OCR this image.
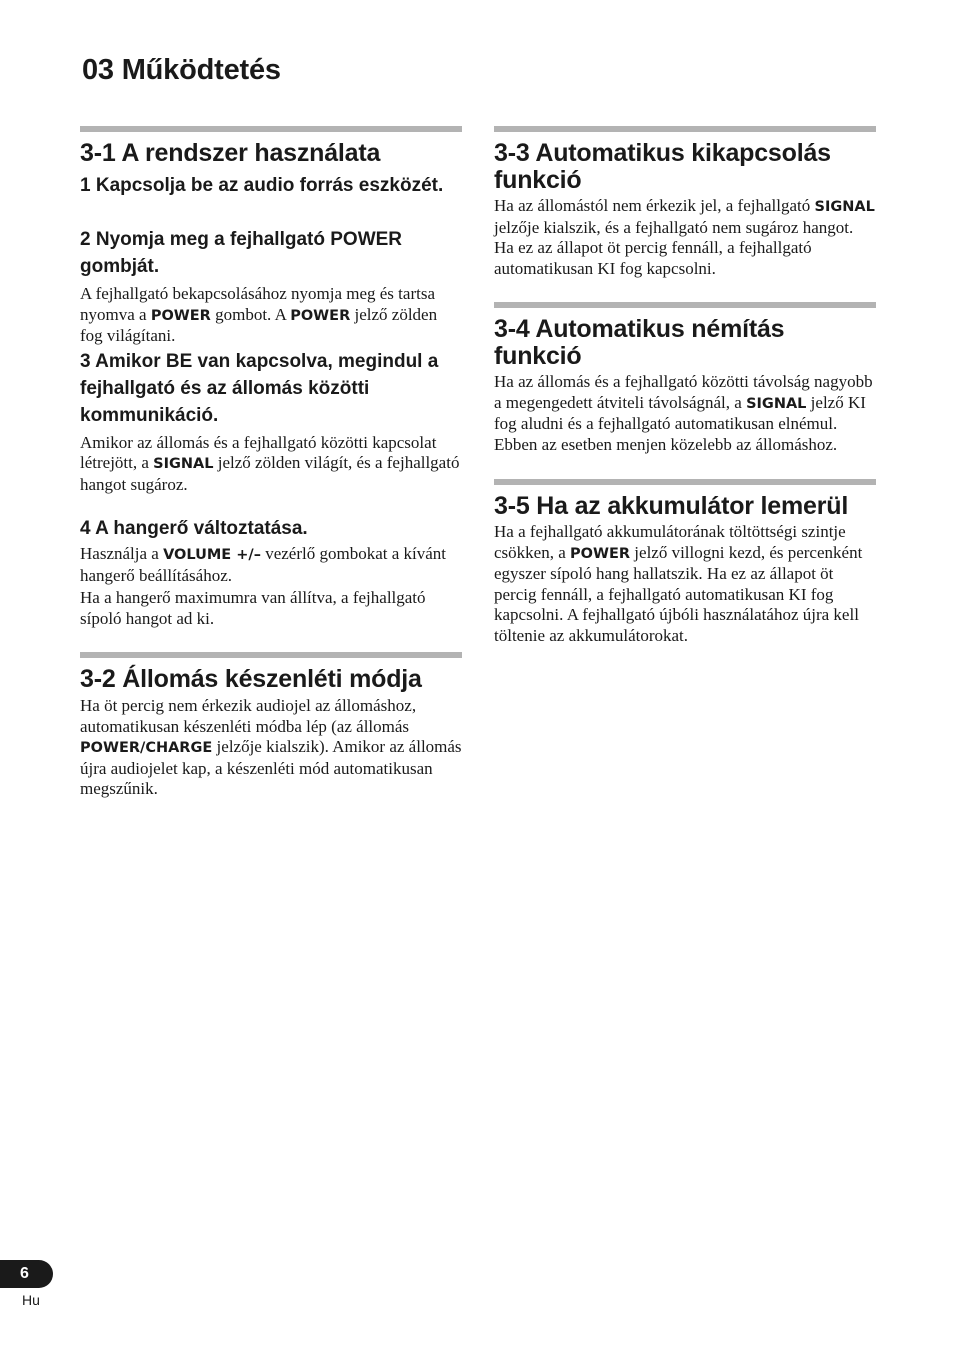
03 Működtetés
3-1 A rendszer használata

1 Kapcsolja be az audio forrás eszközét.

2 Nyomja meg a fejhallgató POWER gombját.

A fejhallgató bekapcsolásához nyomja meg és tartsa nyomva a POWER gombot. A POWER jelző zölden fog világítani.

3 Amikor BE van kapcsolva, megindul a fejhallgató és az állomás közötti kommunikáció.

Amikor az állomás és a fejhallgató közötti kapcsolat létrejött, a SIGNAL jelző zölden világít, és a fejhallgató hangot sugároz.

4 A hangerő változtatása.

Használja a VOLUME +/– vezérlő gombokat a kívánt hangerő beállításához.

Ha a hangerő maximumra van állítva, a fejhallgató sípoló hangot ad ki.

3-2 Állomás készenléti módja

Ha öt percig nem érkezik audiojel az állomáshoz, automatikusan készenléti módba lép (az állomás POWER/CHARGE jelzője kialszik). Amikor az állomás újra audiojelet kap, a készenléti mód automatikusan megszűnik.

3-3 Automatikus kikapcsolás funkció

Ha az állomástól nem érkezik jel, a fejhallgató SIGNAL jelzője kialszik, és a fejhallgató nem sugároz hangot. Ha ez az állapot öt percig fennáll, a fejhallgató automatikusan KI fog kapcsolni.

3-4 Automatikus némítás funkció

Ha az állomás és a fejhallgató közötti távolság nagyobb a megengedett átviteli távolságnál, a SIGNAL jelző KI fog aludni és a fejhallgató automatikusan elnémul. Ebben az esetben menjen közelebb az állomáshoz.

3-5 Ha az akkumulátor lemerül

Ha a fejhallgató akkumulátorának töltöttségi szintje csökken, a POWER jelző villogni kezd, és percenként egyszer sípoló hang hallatszik. Ha ez az állapot öt percig fennáll, a fejhallgató automatikusan KI fog kapcsolni. A fejhallgató újbóli használatához újra kell töltenie az akkumulátorokat.

6
Hu
